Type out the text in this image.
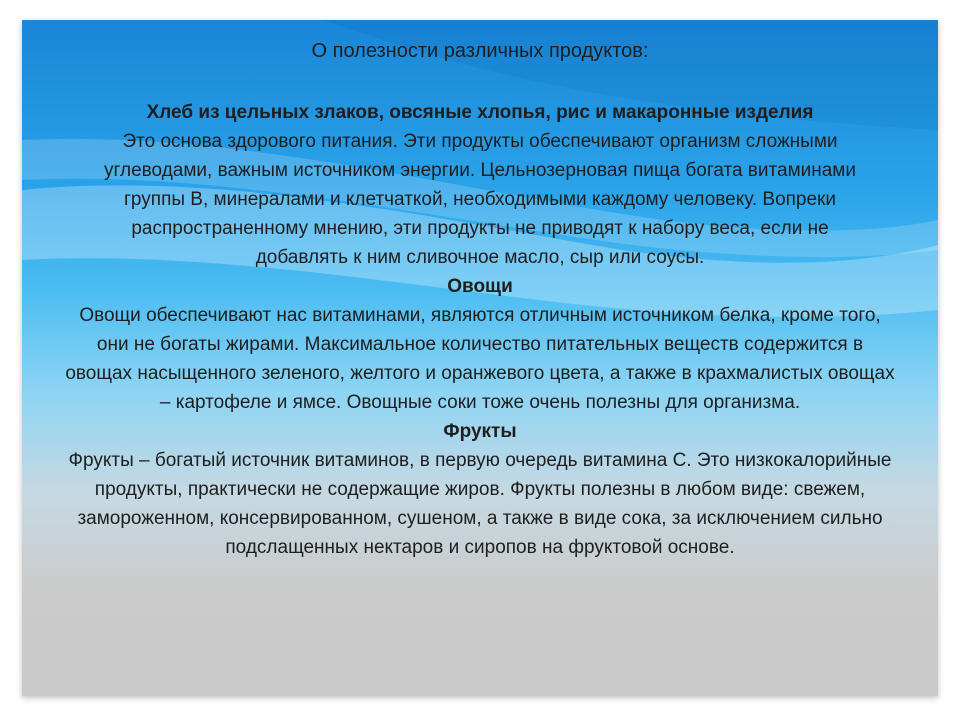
О полезности различных продуктов:
Хлеб из цельных злаков, овсяные хлопья, рис и макаронные изделия

Это основа здорового питания. Эти продукты обеспечивают организм сложными углеводами, важным источником энергии. Цельнозерновая пища богата витаминами группы В, минералами и клетчаткой, необходимыми каждому человеку. Вопреки распространенному мнению, эти продукты не приводят к набору веса, если не добавлять к ним сливочное масло, сыр или соусы.

Овощи

Овощи обеспечивают нас витаминами, являются отличным источником белка, кроме того, они не богаты жирами. Максимальное количество питательных веществ содержится в овощах насыщенного зеленого, желтого и оранжевого цвета, а также в крахмалистых овощах – картофеле и ямсе. Овощные соки тоже очень полезны для организма.

Фрукты

Фрукты – богатый источник витаминов, в первую очередь витамина С. Это низкокалорийные продукты, практически не содержащие жиров. Фрукты полезны в любом виде: свежем, замороженном, консервированном, сушеном, а также в виде сока, за исключением сильно подслащенных нектаров и сиропов на фруктовой основе.
